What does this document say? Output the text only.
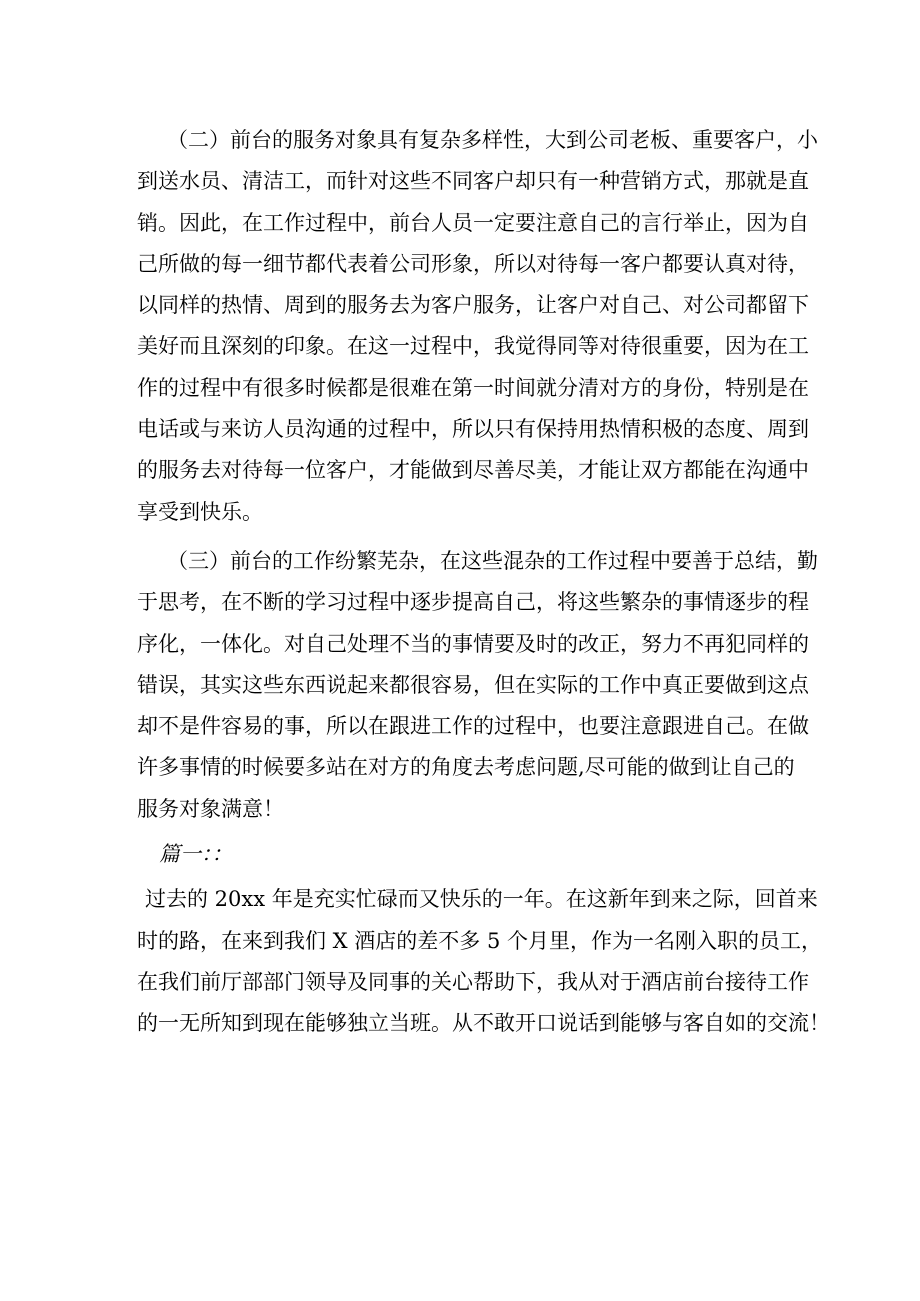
（二）前台的服务对象具有复杂多样性，大到公司老板、重要客户，小
到送水员、清洁工，而针对这些不同客户却只有一种营销方式，那就是直
销。因此，在工作过程中，前台人员一定要注意自己的言行举止，因为自
己所做的每一细节都代表着公司形象，所以对待每一客户都要认真对待，
以同样的热情、周到的服务去为客户服务，让客户对自己、对公司都留下
美好而且深刻的印象。在这一过程中，我觉得同等对待很重要，因为在工
作的过程中有很多时候都是很难在第一时间就分清对方的身份，特别是在
电话或与来访人员沟通的过程中，所以只有保持用热情积极的态度、周到
的服务去对待每一位客户，才能做到尽善尽美，才能让双方都能在沟通中
享受到快乐。
（三）前台的工作纷繁芜杂，在这些混杂的工作过程中要善于总结，勤
于思考，在不断的学习过程中逐步提高自己，将这些繁杂的事情逐步的程
序化，一体化。对自己处理不当的事情要及时的改正，努力不再犯同样的
错误，其实这些东西说起来都很容易，但在实际的工作中真正要做到这点
却不是件容易的事，所以在跟进工作的过程中，也要注意跟进自己。在做
许多事情的时候要多站在对方的角度去考虑问题,尽可能的做到让自己的
服务对象满意！
篇一：：
过去的 20xx 年是充实忙碌而又快乐的一年。在这新年到来之际，回首来
时的路，在来到我们 X 酒店的差不多 5 个月里，作为一名刚入职的员工，
在我们前厅部部门领导及同事的关心帮助下，我从对于酒店前台接待工作
的一无所知到现在能够独立当班。从不敢开口说话到能够与客自如的交流！
